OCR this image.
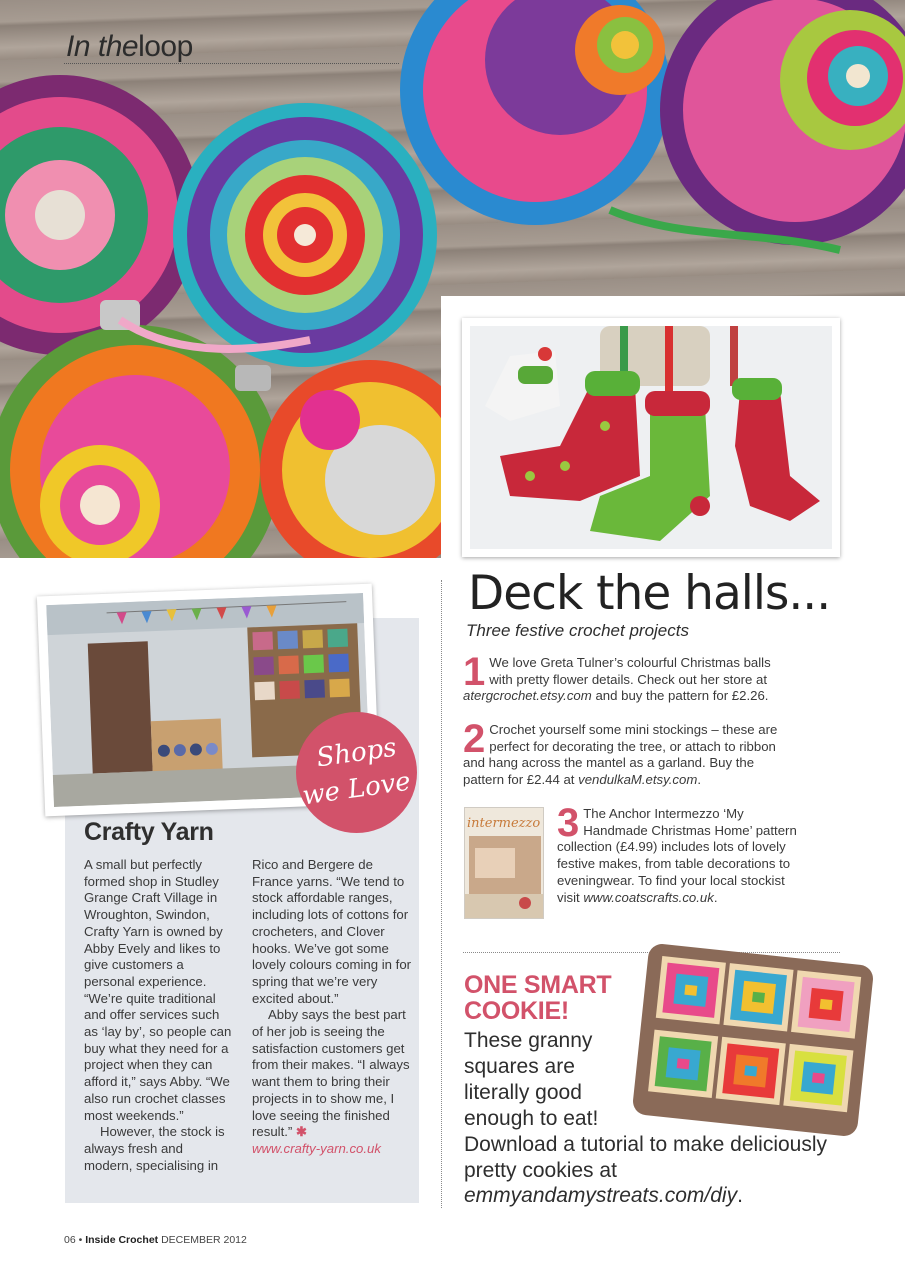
In theloop
Shops
we Love
Crafty Yarn

A small but perfectly formed shop in Studley Grange Craft Village in Wroughton, Swindon, Crafty Yarn is owned by Abby Evely and likes to give customers a personal experience. “We’re quite traditional and offer services such as ‘lay by’, so people can buy what they need for a project when they can afford it,” says Abby. “We also run crochet classes most weekends.”

However, the stock is always fresh and modern, specialising in

Rico and Bergere de France yarns. “We tend to stock affordable ranges, including lots of cottons for crocheters, and Clover hooks. We’ve got some lovely colours coming in for spring that we’re very excited about.”

Abby says the best part of her job is seeing the satisfaction customers get from their makes. “I always want them to bring their projects in to show me, I love seeing the finished result.” ✱
www.crafty-yarn.co.uk

Deck the halls...
Three festive crochet projects
1 We love Greta Tulner’s colourful Christmas balls with pretty flower details. Check out her store at atergcrochet.etsy.com and buy the pattern for £2.26.
2 Crochet yourself some mini stockings – these are perfect for decorating the tree, or attach to ribbon and hang across the mantel as a garland. Buy the pattern for £2.44 at vendulkaM.etsy.com.
intermezzo 3 The Anchor Intermezzo ‘My Handmade Christmas Home’ pattern collection (£4.99) includes lots of lovely festive makes, from table decorations to eveningwear. To find your local stockist visit www.coatscrafts.co.uk.
ONE SMART
COOKIE!
These granny squares are literally good enough to eat!
Download a tutorial to make deliciously pretty cookies at emmyandamystreats.com/diy.
06 • Inside Crochet DECEMBER 2012
